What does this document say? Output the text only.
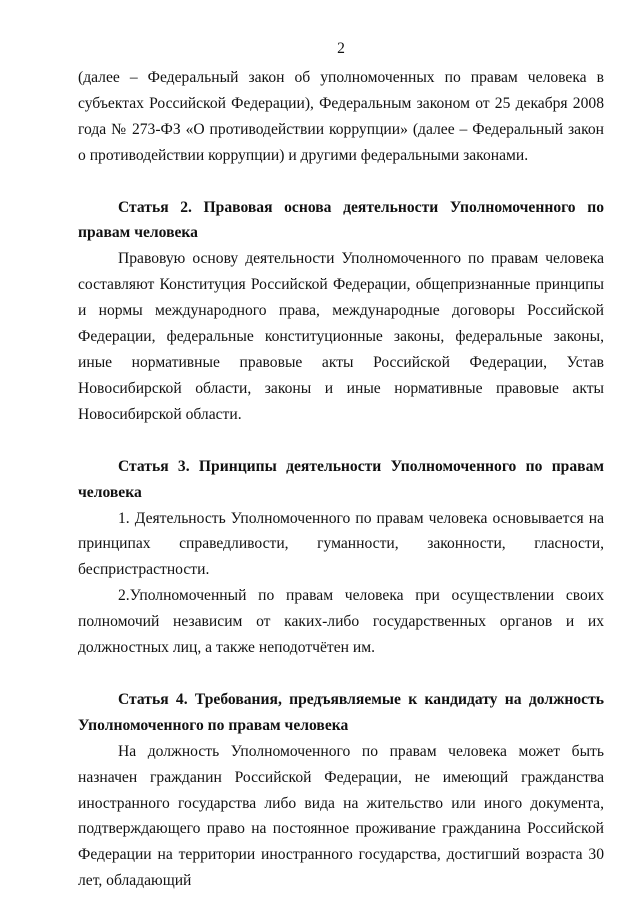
2

(далее – Федеральный закон об уполномоченных по правам человека в субъектах Российской Федерации), Федеральным законом от 25 декабря 2008 года № 273-ФЗ «О противодействии коррупции» (далее – Федеральный закон о противодействии коррупции) и другими федеральными законами.

Статья 2. Правовая основа деятельности Уполномоченного по правам человека

Правовую основу деятельности Уполномоченного по правам человека составляют Конституция Российской Федерации, общепризнанные принципы и нормы международного права, международные договоры Российской Федерации, федеральные конституционные законы, федеральные законы, иные нормативные правовые акты Российской Федерации, Устав Новосибирской области, законы и иные нормативные правовые акты Новосибирской области.

Статья 3. Принципы деятельности Уполномоченного по правам человека

1. Деятельность Уполномоченного по правам человека основывается на принципах справедливости, гуманности, законности, гласности, беспристрастности.

2.Уполномоченный по правам человека при осуществлении своих полномочий независим от каких-либо государственных органов и их должностных лиц, а также неподотчётен им.

Статья 4. Требования, предъявляемые к кандидату на должность Уполномоченного по правам человека

На должность Уполномоченного по правам человека может быть назначен гражданин Российской Федерации, не имеющий гражданства иностранного государства либо вида на жительство или иного документа, подтверждающего право на постоянное проживание гражданина Российской Федерации на территории иностранного государства, достигший возраста 30 лет, обладающий
